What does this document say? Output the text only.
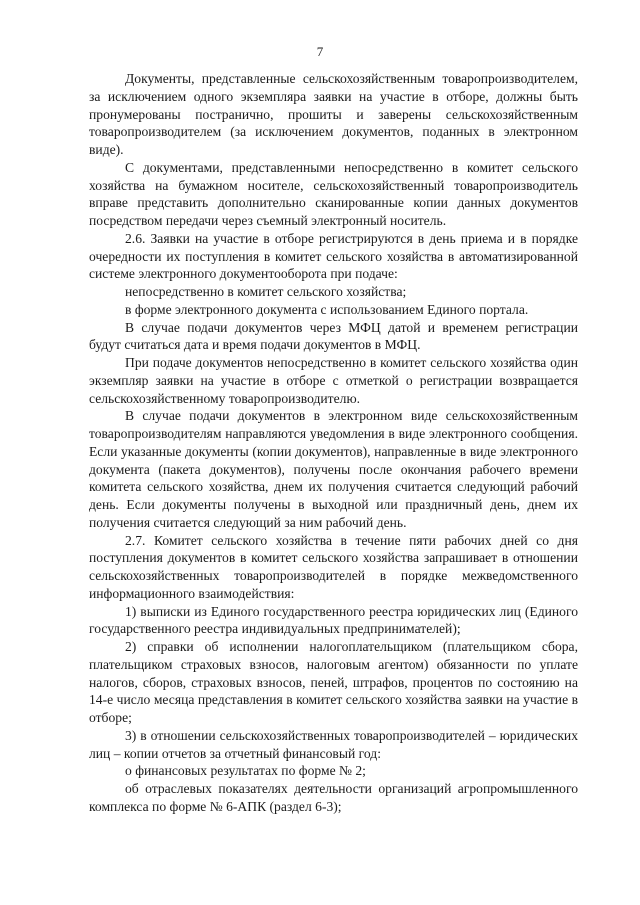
7

Документы, представленные сельскохозяйственным товаропроизводителем, за исключением одного экземпляра заявки на участие в отборе, должны быть пронумерованы постранично, прошиты и заверены сельскохозяйственным товаропроизводителем (за исключением документов, поданных в электронном виде).

С документами, представленными непосредственно в комитет сельского хозяйства на бумажном носителе, сельскохозяйственный товаропроизводитель вправе представить дополнительно сканированные копии данных документов посредством передачи через съемный электронный носитель.

2.6. Заявки на участие в отборе регистрируются в день приема и в порядке очередности их поступления в комитет сельского хозяйства в автоматизированной системе электронного документооборота при подаче:

непосредственно в комитет сельского хозяйства;

в форме электронного документа с использованием Единого портала.

В случае подачи документов через МФЦ датой и временем регистрации будут считаться дата и время подачи документов в МФЦ.

При подаче документов непосредственно в комитет сельского хозяйства один экземпляр заявки на участие в отборе с отметкой о регистрации возвращается сельскохозяйственному товаропроизводителю.

В случае подачи документов в электронном виде сельскохозяйственным товаропроизводителям направляются уведомления в виде электронного сообщения. Если указанные документы (копии документов), направленные в виде электронного документа (пакета документов), получены после окончания рабочего времени комитета сельского хозяйства, днем их получения считается следующий рабочий день. Если документы получены в выходной или праздничный день, днем их получения считается следующий за ним рабочий день.

2.7. Комитет сельского хозяйства в течение пяти рабочих дней со дня поступления документов в комитет сельского хозяйства запрашивает в отношении сельскохозяйственных товаропроизводителей в порядке межведомственного информационного взаимодействия:

1) выписки из Единого государственного реестра юридических лиц (Единого государственного реестра индивидуальных предпринимателей);

2) справки об исполнении налогоплательщиком (плательщиком сбора, плательщиком страховых взносов, налоговым агентом) обязанности по уплате налогов, сборов, страховых взносов, пеней, штрафов, процентов по состоянию на 14-е число месяца представления в комитет сельского хозяйства заявки на участие в отборе;

3) в отношении сельскохозяйственных товаропроизводителей – юридических лиц – копии отчетов за отчетный финансовый год:

о финансовых результатах по форме № 2;

об отраслевых показателях деятельности организаций агропромышленного комплекса по форме № 6-АПК (раздел 6-3);
